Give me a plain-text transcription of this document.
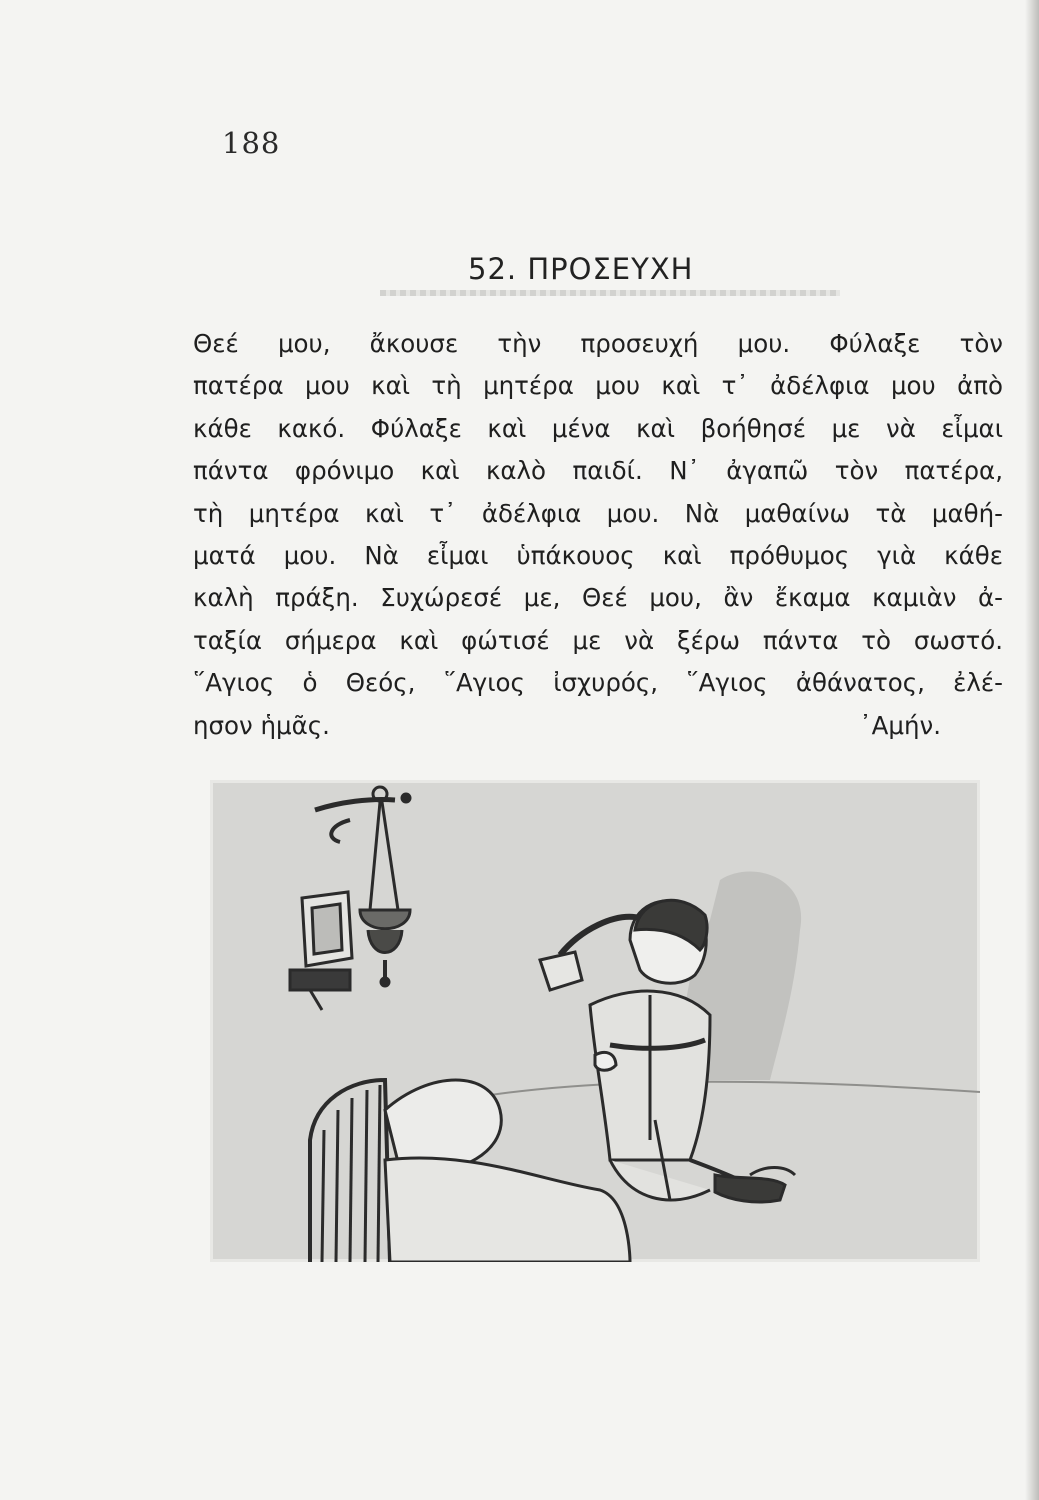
188
52. ΠΡΟΣΕΥΧΗ
Θεέ μου, ἄκουσε τὴν προσευχή μου. Φύλαξε τὸν
πατέρα μου καὶ τὴ μητέρα μου καὶ τ᾽ ἀδέλφια μου ἀπὸ
κάθε κακό. Φύλαξε καὶ μένα καὶ βοήθησέ με νὰ εἶμαι
πάντα φρόνιμο καὶ καλὸ παιδί. Ν᾽ ἀγαπῶ τὸν πατέρα,
τὴ μητέρα καὶ τ᾽ ἀδέλφια μου. Νὰ μαθαίνω τὰ μαθή-
ματά μου. Νὰ εἶμαι ὑπάκουος καὶ πρόθυμος γιὰ κάθε
καλὴ πράξη. Συχώρεσέ με, Θεέ μου, ἂν ἔκαμα καμιὰν ἀ-
ταξία σήμερα καὶ φώτισέ με νὰ ξέρω πάντα τὸ σωστό.
῞Αγιος ὁ Θεός, ῞Αγιος ἰσχυρός, ῞Αγιος ἀθάνατος, ἐλέ-
ησον ἡμᾶς.	᾽Αμήν.
